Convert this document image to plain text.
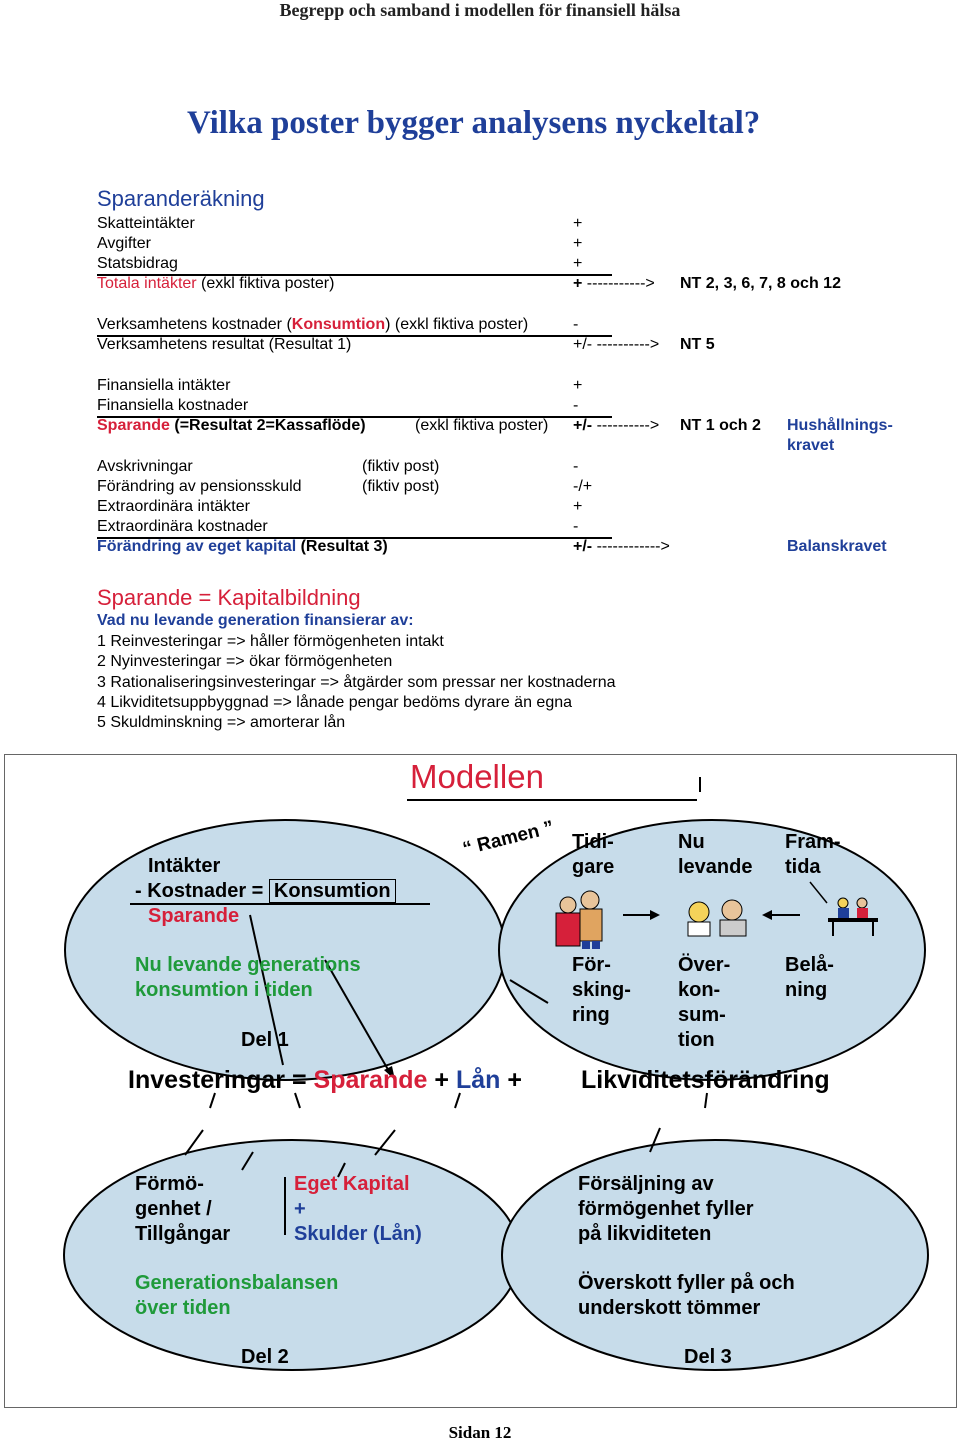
Begrepp och samband i modellen för finansiell hälsa
Vilka poster bygger analysens nyckeltal?
Sparanderäkning
Skatteintäkter	+
Avgifter	+
Statsbidrag	+
Totala intäkter (exkl fiktiva poster)	+ -----------> NT 2, 3, 6, 7, 8 och 12
Verksamhetens kostnader (Konsumtion) (exkl fiktiva poster)	-
Verksamhetens resultat (Resultat 1)	+/- ----------> NT 5
Finansiella intäkter	+
Finansiella kostnader	-
Sparande (=Resultat 2=Kassaflöde)	(exkl fiktiva poster) +/- ----------> NT 1 och 2 Hushållnings-
kravet
Avskrivningar	(fiktiv post)	-
Förändring av pensionsskuld	(fiktiv post)	-/+
Extraordinära intäkter	+
Extraordinära kostnader	-
Förändring av eget kapital (Resultat 3)	+/- ------------>	Balanskravet
Sparande = Kapitalbildning
Vad nu levande generation finansierar av:
1 Reinvesteringar => håller förmögenheten intakt
2 Nyinvesteringar => ökar förmögenheten
3 Rationaliseringsinvesteringar => åtgärder som pressar ner kostnaderna
4 Likviditetsuppbyggnad => lånade pengar bedöms dyrare än egna
5 Skuldminskning => amorterar lån
Modellen
“ Ramen ”
Intäkter
- Kostnader = Konsumtion
Sparande
Nu levande generations
konsumtion i tiden
Del 1
Tidi-
gare
Nu
levande
Fram-
tida
För-
sking-
ring
Över-
kon-
sum-
tion
Belå-
ning
Investeringar = Sparande + Lån + Likviditetsförändring
Förmö-
genhet /
Tillgångar
Eget Kapital
+
Skulder (Lån)
Generationsbalansen
över tiden
Del 2
Försäljning av
förmögenhet fyller
på likviditeten
Överskott fyller på och
underskott tömmer
Del 3
Sidan 12
